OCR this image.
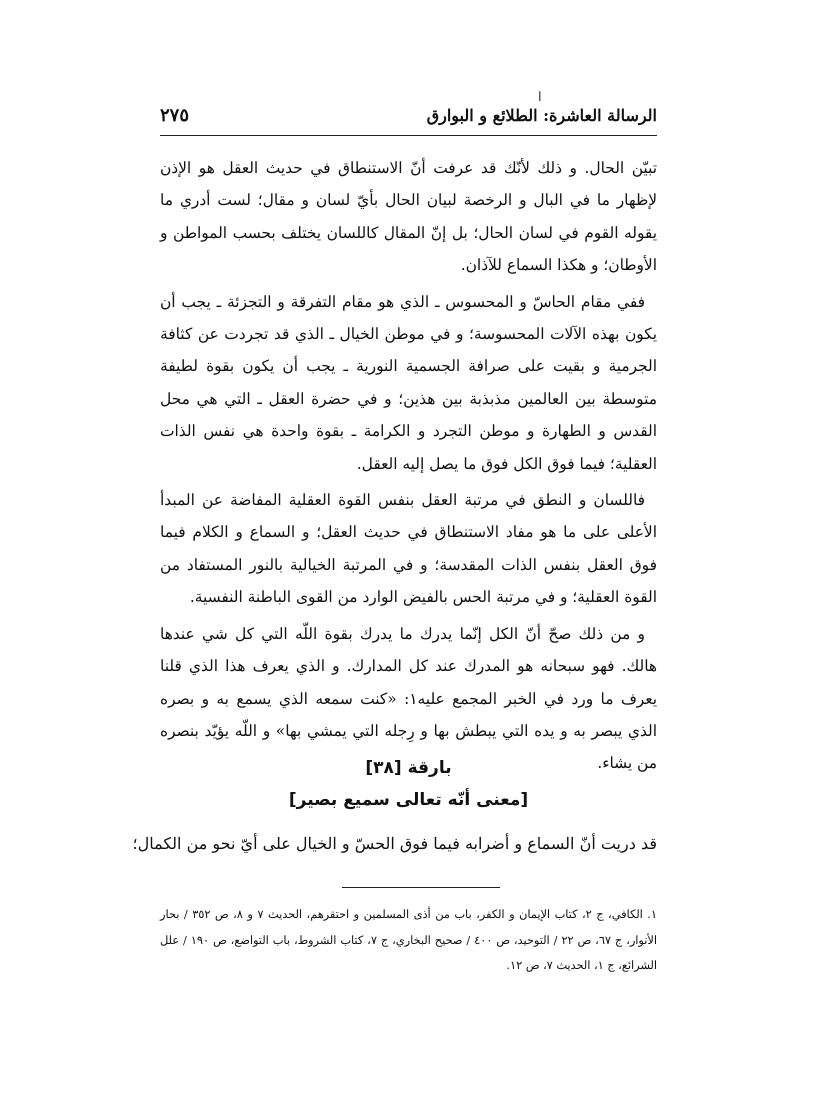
ا
الرسالة العاشرة: الطلائع و البوارق
٢٧٥

تبيّن الحال. و ذلك لأنّك قد عرفت أنّ الاستنطاق في حديث العقل هو الإذن لإظهار ما في البال و الرخصة لبيان الحال بأيّ لسان و مقال؛ لست أدري ما يقوله القوم في لسان الحال؛ بل إنّ المقال كاللسان يختلف بحسب المواطن و الأوطان؛ و هكذا السماع للآذان.

ففي مقام الحاسّ و المحسوس ـ الذي هو مقام التفرقة و التجزئة ـ يجب أن يكون بهذه الآلات المحسوسة؛ و في موطن الخيال ـ الذي قد تجردت عن كثافة الجرمية و بقيت على صرافة الجسمية النورية ـ يجب أن يكون بقوة لطيفة متوسطة بين العالمين مذبذبة بين هذين؛ و في حضرة العقل ـ التي هي محل القدس و الطهارة و موطن التجرد و الكرامة ـ بقوة واحدة هي نفس الذات العقلية؛ فيما فوق الكل فوق ما يصل إليه العقل.

فاللسان و النطق في مرتبة العقل بنفس القوة العقلية المفاضة عن المبدأ الأعلى على ما هو مفاد الاستنطاق في حديث العقل؛ و السماع و الكلام فيما فوق العقل بنفس الذات المقدسة؛ و في المرتبة الخيالية بالنور المستفاد من القوة العقلية؛ و في مرتبة الحس بالفيض الوارد من القوى الباطنة النفسية.

و من ذلك صحّ أنّ الكل إنّما يدرك ما يدرك بقوة اللّه التي كل شي عندها هالك. فهو سبحانه هو المدرك عند كل المدارك. و الذي يعرف هذا الذي قلنا يعرف ما ورد في الخبر المجمع عليه١: «كنت سمعه الذي يسمع به و بصره الذي يبصر به و يده التي يبطش بها و رِجله التي يمشي بها» و اللّه يؤيّد بنصره من يشاء.

بارقة [٣٨]
[معنى أنّه تعالى سميع بصير]
قد دريت أنّ السماع و أضرابه فيما فوق الحسّ و الخيال على أيّ نحو من الكمال؛

١. الكافي، ج ٢، كتاب الإيمان و الكفر، باب من أذى المسلمين و احتقرهم، الحديث ٧ و ٨، ص ٣٥٢ / بحار الأنوار، ج ٦٧، ص ٢٢ / التوحيد، ص ٤٠٠ / صحيح البخاري، ج ٧، كتاب الشروط، باب التواضع، ص ١٩٠ / علل الشرائع، ج ١، الحديث ٧، ص ١٢.
